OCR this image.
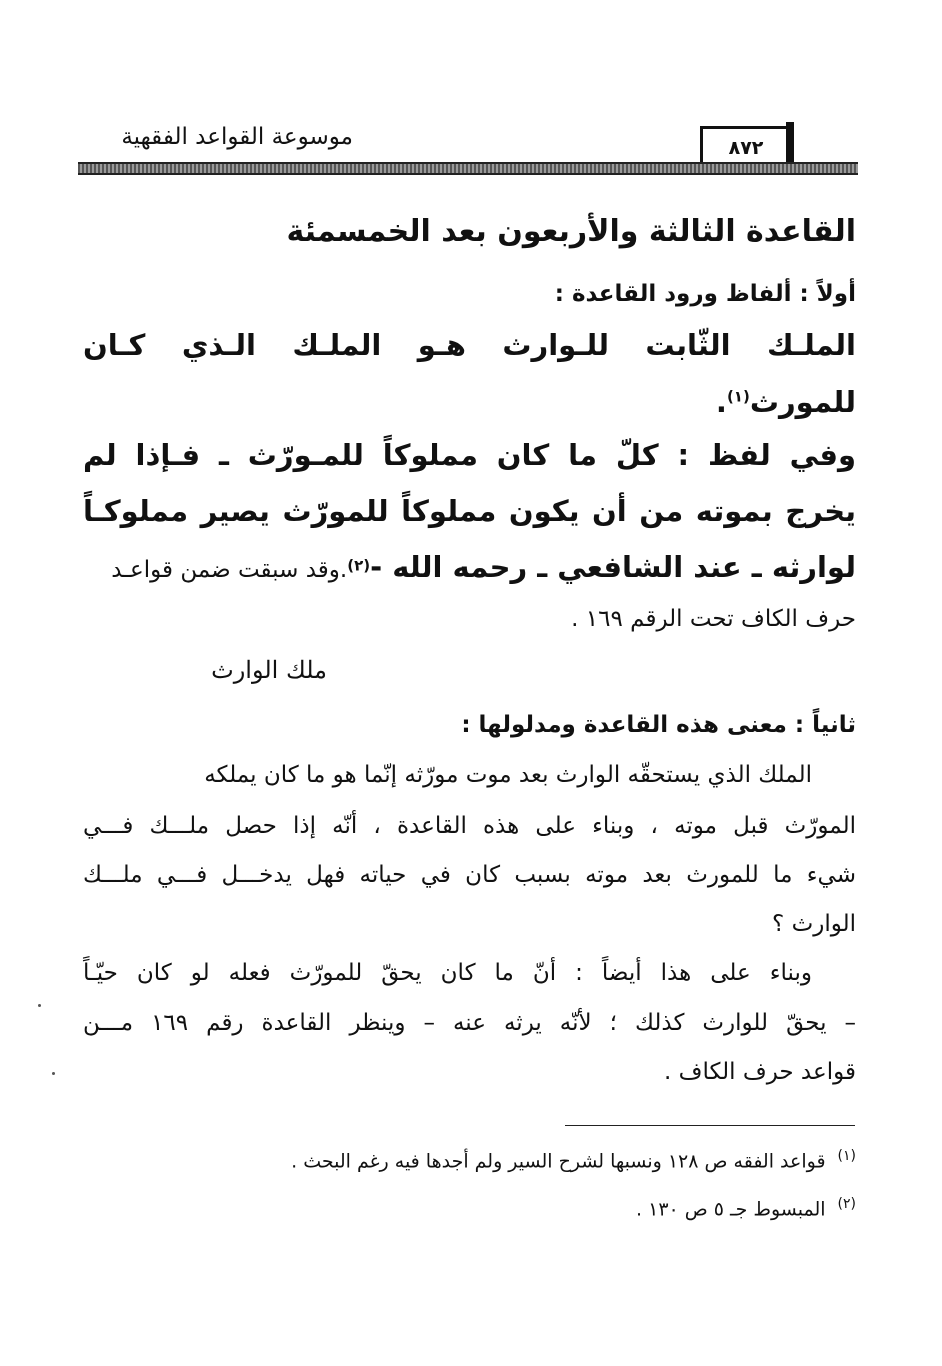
موسوعة القواعد الفقهية	٨٧٢
القاعدة الثالثة والأربعون بعد الخمسمئة
أولاً : ألفاظ ورود القاعدة :
الملـك الثّابت للـوارث هـو الملـك الـذي كـان
للمورث$^{(١)}$.
وفي لفظ : كلّ ما كان مملوكاً للمـورّث ـ فـإذا لم
يخرج بموته من أن يكون مملوكاً للمورّث يصير مملوكـاً
لوارثه ـ عند الشافعي ـ رحمه الله -(٢).وقد سبقت ضمن قواعـد
حرف الكاف تحت الرقم ١٦٩ .
ملك الوارث
ثانياً : معنى هذه القاعدة ومدلولها :
الملك الذي يستحقّه الوارث بعد موت مورّثه إنّما هو ما كان يملكه
المورّث قبل موته ، وبناء على هذه القاعدة ، أنّه إذا حصل ملـــك فـــي
شيء ما للمورث بعد موته بسبب كان في حياته فهل يدخـــل فـــي ملـــك
الوارث ؟
وبناء على هذا أيضاً : أنّ ما كان يحقّ للمورّث فعله لو كان حيّـاً
– يحقّ للوارث كذلك ؛ لأنّه يرثه عنه – وينظر القاعدة رقم ١٦٩ مـــن
قواعد حرف الكاف .
$^{(١)}$قواعد الفقه ص ١٢٨ ونسبها لشرح السير ولم أجدها فيه رغم البحث .
$^{(٢)}$المبسوط جـ ٥ ص ١٣٠ .
